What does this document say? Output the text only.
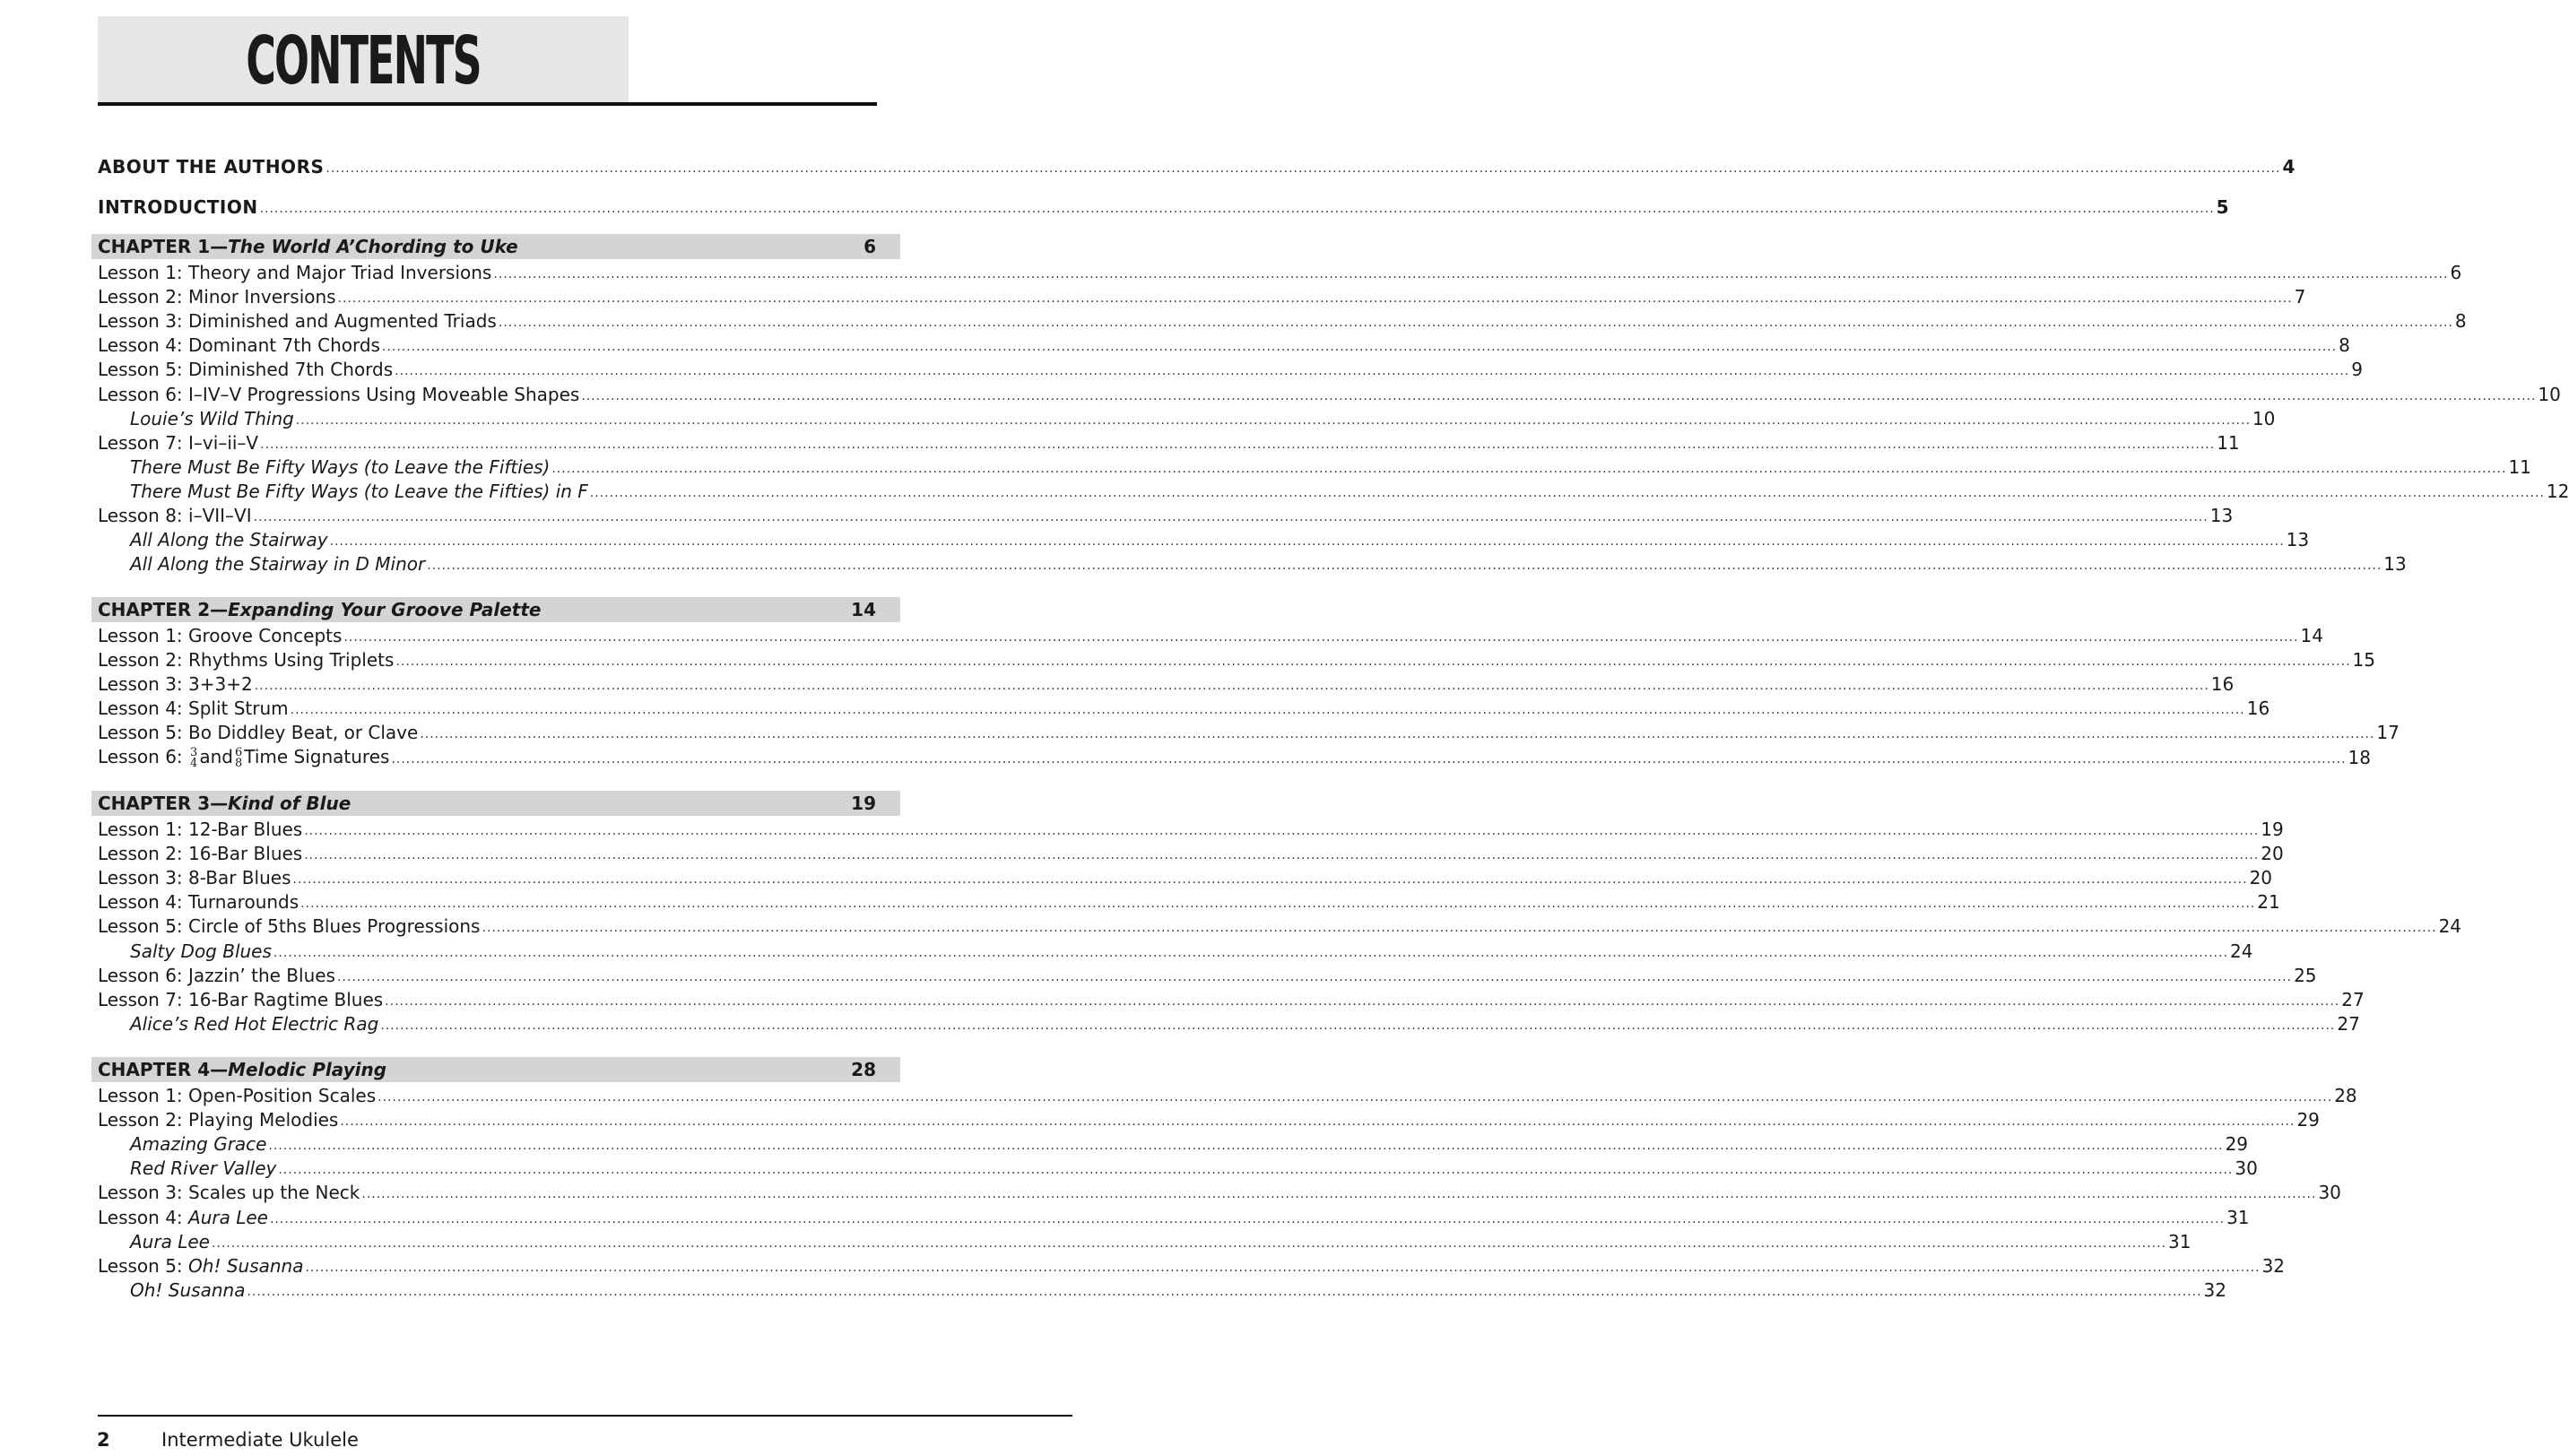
CONTENTS
ABOUT THE AUTHORS ................................................................................................................................................................................................................................................................................................................................................................................................................ 4
INTRODUCTION ................................................................................................................................................................................................................................................................................................................................................................................................................ 5
CHAPTER 1—The World A’Chording to Uke	6
Lesson 1: Theory and Major Triad Inversions ................................................................................................................................................................................................................................................................................................................................................................................................................ 6
Lesson 2: Minor Inversions ................................................................................................................................................................................................................................................................................................................................................................................................................ 7
Lesson 3: Diminished and Augmented Triads ................................................................................................................................................................................................................................................................................................................................................................................................................ 8
Lesson 4: Dominant 7th Chords ................................................................................................................................................................................................................................................................................................................................................................................................................ 8
Lesson 5: Diminished 7th Chords ................................................................................................................................................................................................................................................................................................................................................................................................................ 9
Lesson 6: I–IV–V Progressions Using Moveable Shapes ................................................................................................................................................................................................................................................................................................................................................................................................................ 10
Louie’s Wild Thing ................................................................................................................................................................................................................................................................................................................................................................................................................ 10
Lesson 7: I–vi–ii–V ................................................................................................................................................................................................................................................................................................................................................................................................................ 11
There Must Be Fifty Ways (to Leave the Fifties) ................................................................................................................................................................................................................................................................................................................................................................................................................ 11
There Must Be Fifty Ways (to Leave the Fifties) in F ................................................................................................................................................................................................................................................................................................................................................................................................................ 12
Lesson 8: i–VII–VI ................................................................................................................................................................................................................................................................................................................................................................................................................ 13
All Along the Stairway ................................................................................................................................................................................................................................................................................................................................................................................................................ 13
All Along the Stairway in D Minor ................................................................................................................................................................................................................................................................................................................................................................................................................ 13
CHAPTER 2—Expanding Your Groove Palette	14
Lesson 1: Groove Concepts ................................................................................................................................................................................................................................................................................................................................................................................................................ 14
Lesson 2: Rhythms Using Triplets ................................................................................................................................................................................................................................................................................................................................................................................................................ 15
Lesson 3: 3+3+2 ................................................................................................................................................................................................................................................................................................................................................................................................................ 16
Lesson 4: Split Strum ................................................................................................................................................................................................................................................................................................................................................................................................................ 16
Lesson 5: Bo Diddley Beat, or Clave ................................................................................................................................................................................................................................................................................................................................................................................................................ 17
Lesson 6: 3
4 and 6
8 Time Signatures ................................................................................................................................................................................................................................................................................................................................................................................................................ 18
CHAPTER 3—Kind of Blue	19
Lesson 1: 12-Bar Blues ................................................................................................................................................................................................................................................................................................................................................................................................................ 19
Lesson 2: 16-Bar Blues ................................................................................................................................................................................................................................................................................................................................................................................................................ 20
Lesson 3: 8-Bar Blues ................................................................................................................................................................................................................................................................................................................................................................................................................ 20
Lesson 4: Turnarounds ................................................................................................................................................................................................................................................................................................................................................................................................................ 21
Lesson 5: Circle of 5ths Blues Progressions ................................................................................................................................................................................................................................................................................................................................................................................................................ 24
Salty Dog Blues ................................................................................................................................................................................................................................................................................................................................................................................................................ 24
Lesson 6: Jazzin’ the Blues ................................................................................................................................................................................................................................................................................................................................................................................................................ 25
Lesson 7: 16-Bar Ragtime Blues ................................................................................................................................................................................................................................................................................................................................................................................................................ 27
Alice’s Red Hot Electric Rag ................................................................................................................................................................................................................................................................................................................................................................................................................ 27
CHAPTER 4—Melodic Playing	28
Lesson 1: Open-Position Scales ................................................................................................................................................................................................................................................................................................................................................................................................................ 28
Lesson 2: Playing Melodies ................................................................................................................................................................................................................................................................................................................................................................................................................ 29
Amazing Grace ................................................................................................................................................................................................................................................................................................................................................................................................................ 29
Red River Valley ................................................................................................................................................................................................................................................................................................................................................................................................................ 30
Lesson 3: Scales up the Neck ................................................................................................................................................................................................................................................................................................................................................................................................................ 30
Lesson 4: Aura Lee ................................................................................................................................................................................................................................................................................................................................................................................................................ 31
Aura Lee ................................................................................................................................................................................................................................................................................................................................................................................................................ 31
Lesson 5: Oh! Susanna ................................................................................................................................................................................................................................................................................................................................................................................................................ 32
Oh! Susanna ................................................................................................................................................................................................................................................................................................................................................................................................................ 32
2	Intermediate Ukulele
